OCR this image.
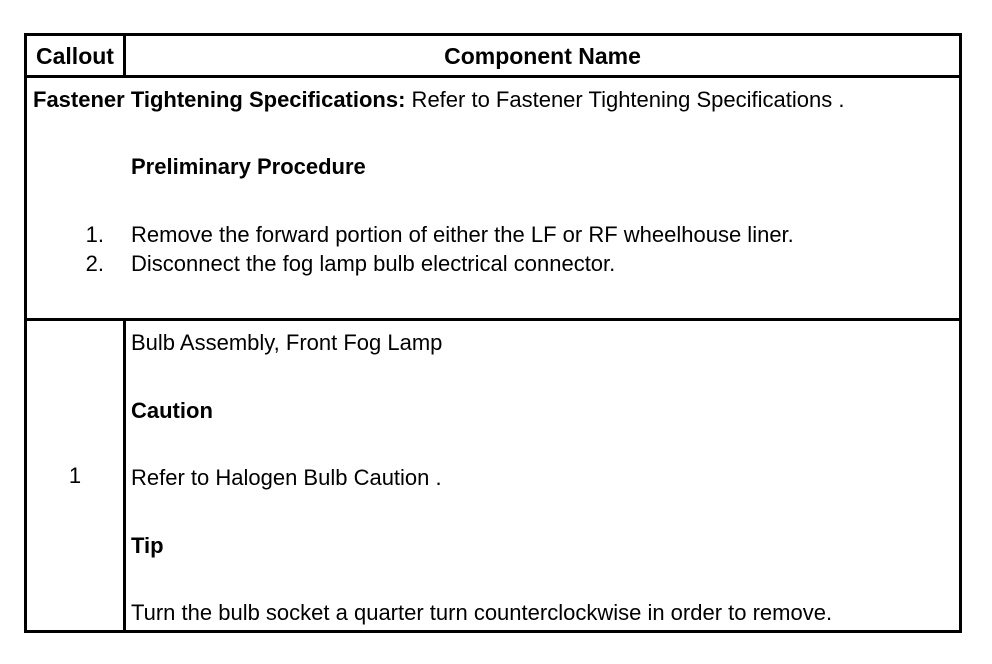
Callout	Component Name
Fastener Tightening Specifications: Refer to Fastener Tightening Specifications .
Preliminary Procedure
1. Remove the forward portion of either the LF or RF wheelhouse liner.
2. Disconnect the fog lamp bulb electrical connector.
1
Bulb Assembly, Front Fog Lamp
Caution
Refer to Halogen Bulb Caution .
Tip
Turn the bulb socket a quarter turn counterclockwise in order to remove.
